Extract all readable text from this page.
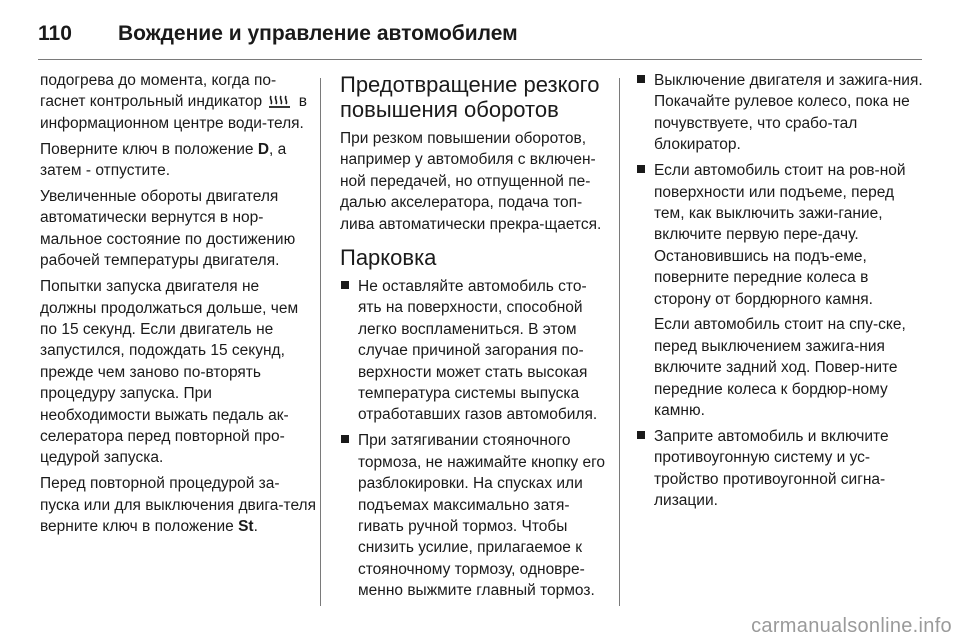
110	Вождение и управление автомобилем

подогрева до момента, когда по-гаснет контрольный индикатор в информационном центре води-теля.

Поверните ключ в положение D, а затем - отпустите.

Увеличенные обороты двигателя автоматически вернутся в нор-мальное состояние по достижению рабочей температуры двигателя.

Попытки запуска двигателя не должны продолжаться дольше, чем по 15 секунд. Если двигатель не запустился, подождать 15 секунд, прежде чем заново по-вторять процедуру запуска. При необходимости выжать педаль ак-селератора перед повторной про-цедурой запуска.

Перед повторной процедурой за-пуска или для выключения двига-теля верните ключ в положение St.

Предотвращение резкого повышения оборотов

При резком повышении оборотов, например у автомобиля с включен-ной передачей, но отпущенной пе-далью акселератора, подача топ-лива автоматически прекра-щается.

Парковка
Не оставляйте автомобиль сто-ять на поверхности, способной легко воспламениться. В этом случае причиной загорания по-верхности может стать высокая температура системы выпуска отработавших газов автомобиля.
При затягивании стояночного тормоза, не нажимайте кнопку его разблокировки. На спусках или подъемах максимально затя-гивать ручной тормоз. Чтобы снизить усилие, прилагаемое к стояночному тормозу, одновре-менно выжмите главный тормоз.
Выключение двигателя и зажига-ния. Покачайте рулевое колесо, пока не почувствуете, что срабо-тал блокиратор.
Если автомобиль стоит на ров-ной поверхности или подъеме, перед тем, как выключить зажи-гание, включите первую пере-дачу. Остановившись на подъ-еме, поверните передние колеса в сторону от бордюрного камня.
Если автомобиль стоит на спу-ске, перед выключением зажига-ния включите задний ход. Повер-ните передние колеса к бордюр-ному камню.
Заприте автомобиль и включите противоугонную систему и ус-тройство противоугонной сигна-лизации.
carmanualsonline.info
